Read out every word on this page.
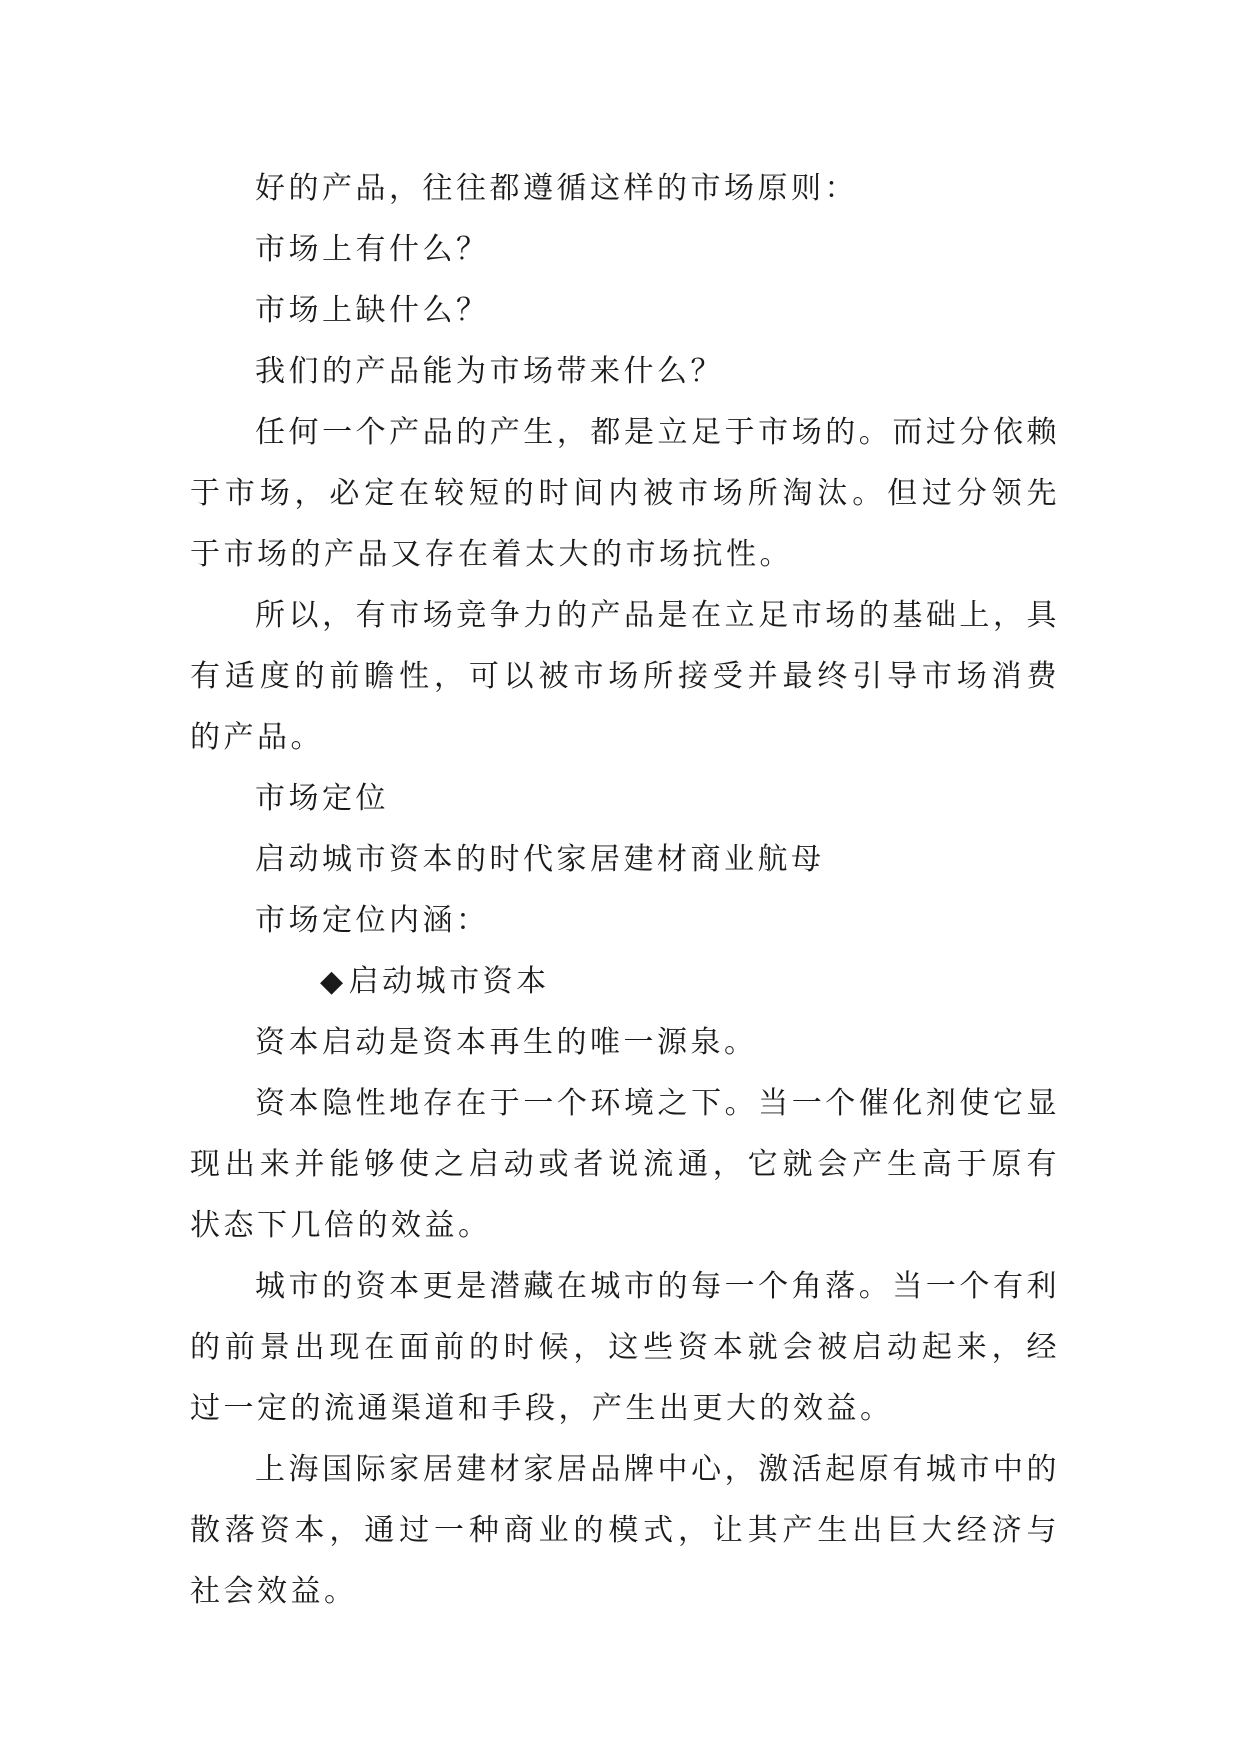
好的产品，往往都遵循这样的市场原则：

市场上有什么？

市场上缺什么？

我们的产品能为市场带来什么？

任何一个产品的产生，都是立足于市场的。而过分依赖于市场，必定在较短的时间内被市场所淘汰。但过分领先于市场的产品又存在着太大的市场抗性。

所以，有市场竞争力的产品是在立足市场的基础上，具有适度的前瞻性，可以被市场所接受并最终引导市场消费的产品。

市场定位

启动城市资本的时代家居建材商业航母

市场定位内涵：

◆启动城市资本

资本启动是资本再生的唯一源泉。

资本隐性地存在于一个环境之下。当一个催化剂使它显现出来并能够使之启动或者说流通，它就会产生高于原有状态下几倍的效益。

城市的资本更是潜藏在城市的每一个角落。当一个有利的前景出现在面前的时候，这些资本就会被启动起来，经过一定的流通渠道和手段，产生出更大的效益。

上海国际家居建材家居品牌中心，激活起原有城市中的散落资本，通过一种商业的模式，让其产生出巨大经济与社会效益。
